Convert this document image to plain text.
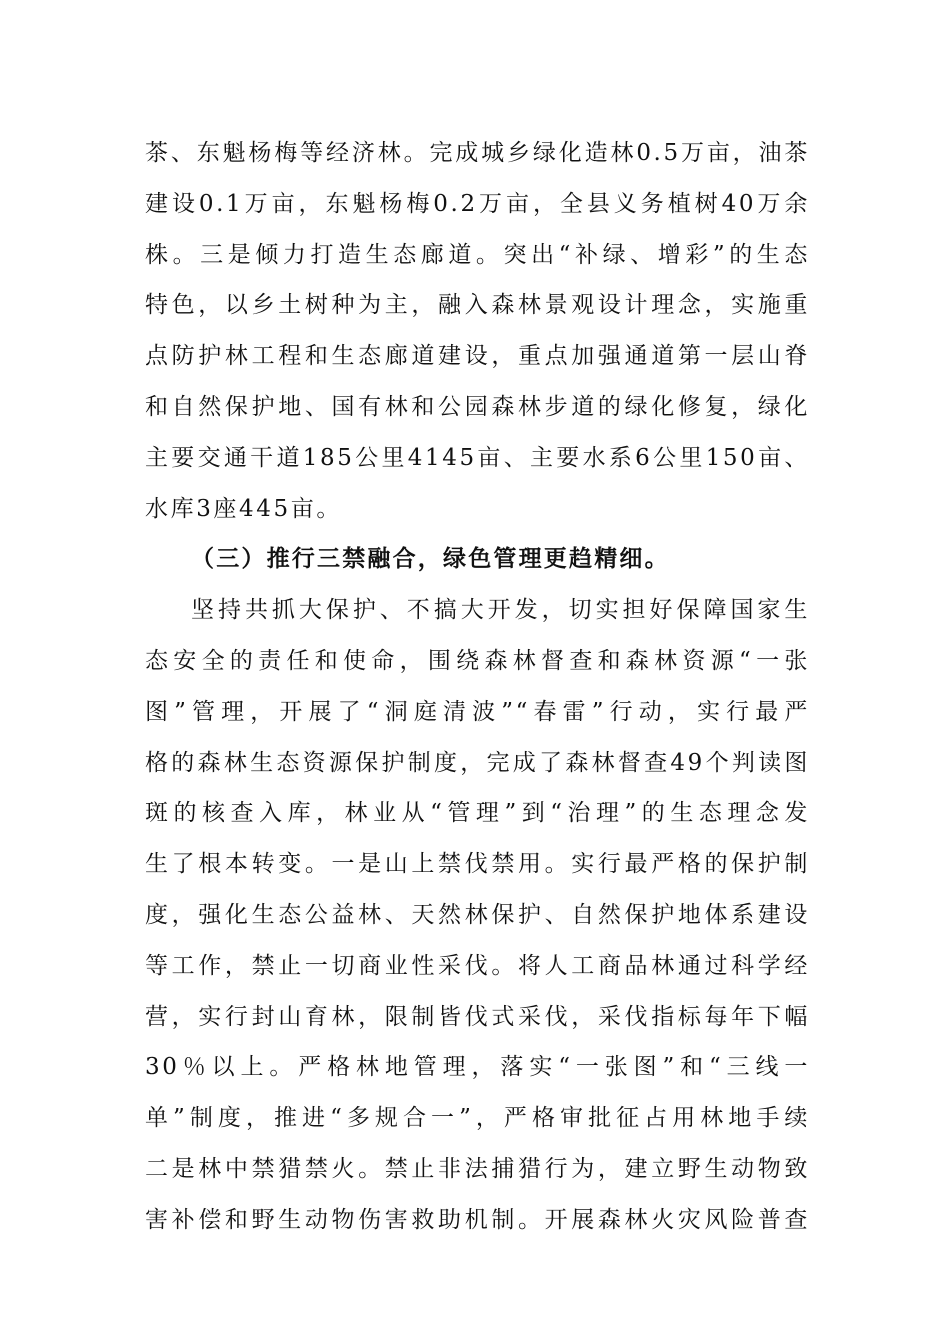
茶、东魁杨梅等经济林。完成城乡绿化造林0.5万亩，油茶
建设0.1万亩，东魁杨梅0.2万亩，全县义务植树40万余
株。三是倾力打造生态廊道。突出“补绿、增彩”的生态
特色，以乡土树种为主，融入森林景观设计理念，实施重
点防护林工程和生态廊道建设，重点加强通道第一层山脊
和自然保护地、国有林和公园森林步道的绿化修复，绿化
主要交通干道185公里4145亩、主要水系6公里150亩、
水库3座445亩。
（三）推行三禁融合，绿色管理更趋精细。
坚持共抓大保护、不搞大开发，切实担好保障国家生
态安全的责任和使命，围绕森林督查和森林资源“一张
图”管理，开展了“洞庭清波”“春雷”行动，实行最严
格的森林生态资源保护制度，完成了森林督查49个判读图
斑的核查入库，林业从“管理”到“治理”的生态理念发
生了根本转变。一是山上禁伐禁用。实行最严格的保护制
度，强化生态公益林、天然林保护、自然保护地体系建设
等工作，禁止一切商业性采伐。将人工商品林通过科学经
营，实行封山育林，限制皆伐式采伐，采伐指标每年下幅
30％以上。严格林地管理，落实“一张图”和“三线一
单”制度，推进“多规合一”，严格审批征占用林地手续
二是林中禁猎禁火。禁止非法捕猎行为，建立野生动物致
害补偿和野生动物伤害救助机制。开展森林火灾风险普查
